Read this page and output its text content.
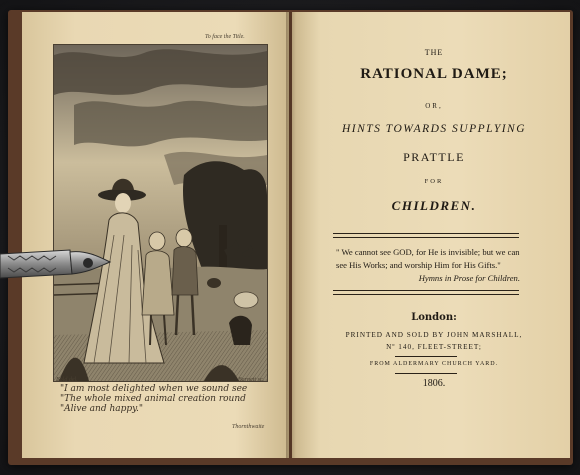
To face the Title.
Bold del.	Barnett sc.
"I am most delighted when we sound see
"The whole mixed animal creation round
"Alive and happy."
Thornthwaite
THE
RATIONAL DAME;
OR,
HINTS TOWARDS SUPPLYING
PRATTLE
FOR
CHILDREN.
" We cannot see GOD, for He is invisible; but we can
see His Works; and worship Him for His Gifts."
Hymns in Prose for Children.
London:
PRINTED AND SOLD BY JOHN MARSHALL,
Nº 140, FLEET-STREET;
FROM ALDERMARY CHURCH YARD.
1806.
